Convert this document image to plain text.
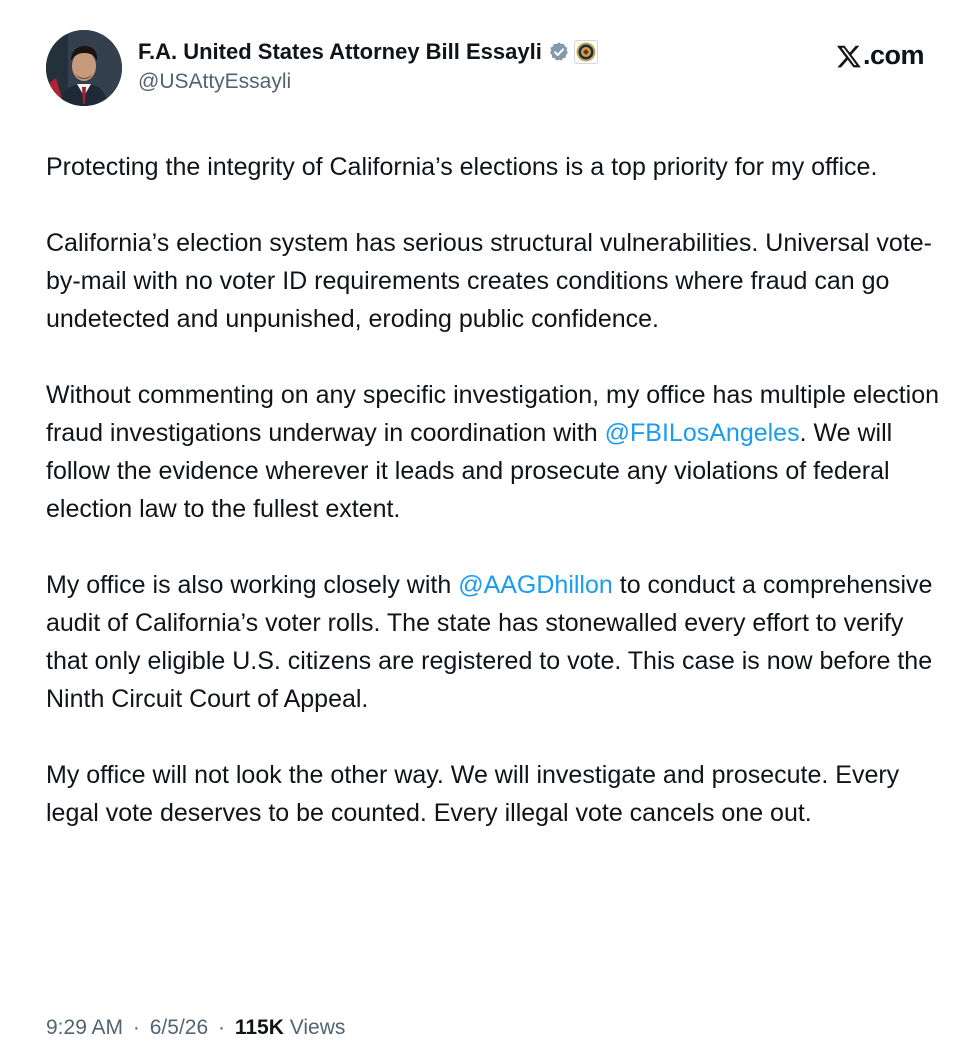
F.A. United States Attorney Bill Essayli
@USAttyEssayli
.com

Protecting the integrity of California’s elections is a top priority for my office.

California’s election system has serious structural vulnerabilities. Universal vote-by-mail with no voter ID requirements creates conditions where fraud can go undetected and unpunished, eroding public confidence.

Without commenting on any specific investigation, my office has multiple election fraud investigations underway in coordination with @FBILosAngeles. We will follow the evidence wherever it leads and prosecute any violations of federal election law to the fullest extent.

My office is also working closely with @AAGDhillon to conduct a comprehensive audit of California’s voter rolls. The state has stonewalled every effort to verify that only eligible U.S. citizens are registered to vote. This case is now before the Ninth Circuit Court of Appeal.

My office will not look the other way. We will investigate and prosecute. Every legal vote deserves to be counted. Every illegal vote cancels one out.

9:29 AM · 6/5/26 · 115K Views
